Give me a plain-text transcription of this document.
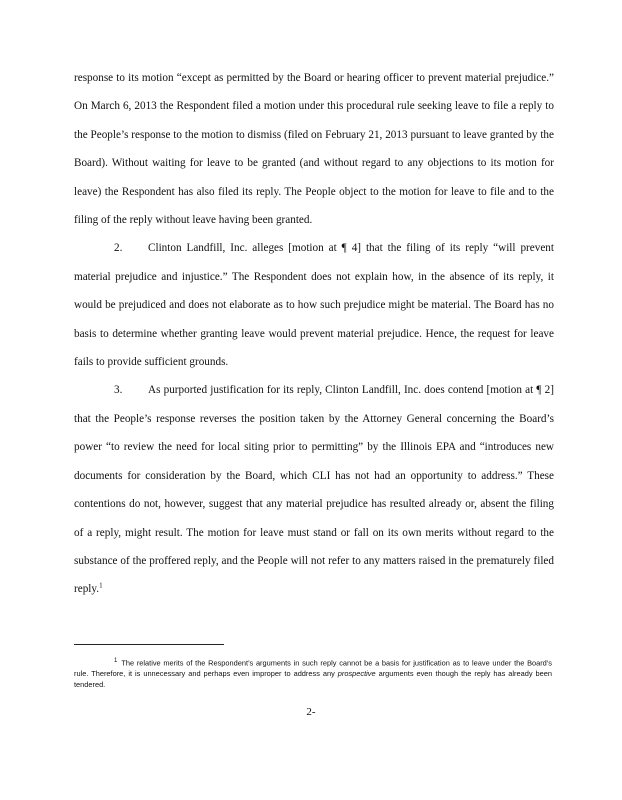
response to its motion “except as permitted by the Board or hearing officer to prevent material prejudice.” On March 6, 2013 the Respondent filed a motion under this procedural rule seeking leave to file a reply to the People’s response to the motion to dismiss (filed on February 21, 2013 pursuant to leave granted by the Board). Without waiting for leave to be granted (and without regard to any objections to its motion for leave) the Respondent has also filed its reply. The People object to the motion for leave to file and to the filing of the reply without leave having been granted.

2. Clinton Landfill, Inc. alleges [motion at ¶ 4] that the filing of its reply “will prevent material prejudice and injustice.” The Respondent does not explain how, in the absence of its reply, it would be prejudiced and does not elaborate as to how such prejudice might be material. The Board has no basis to determine whether granting leave would prevent material prejudice. Hence, the request for leave fails to provide sufficient grounds.

3. As purported justification for its reply, Clinton Landfill, Inc. does contend [motion at ¶ 2] that the People’s response reverses the position taken by the Attorney General concerning the Board’s power “to review the need for local siting prior to permitting” by the Illinois EPA and “introduces new documents for consideration by the Board, which CLI has not had an opportunity to address.” These contentions do not, however, suggest that any material prejudice has resulted already or, absent the filing of a reply, might result. The motion for leave must stand or fall on its own merits without regard to the substance of the proffered reply, and the People will not refer to any matters raised in the prematurely filed reply.$^1$

$^1$ The relative merits of the Respondent’s arguments in such reply cannot be a basis for justification as to leave under the Board’s rule. Therefore, it is unnecessary and perhaps even improper to address any prospective arguments even though the reply has already been tendered.

2-
